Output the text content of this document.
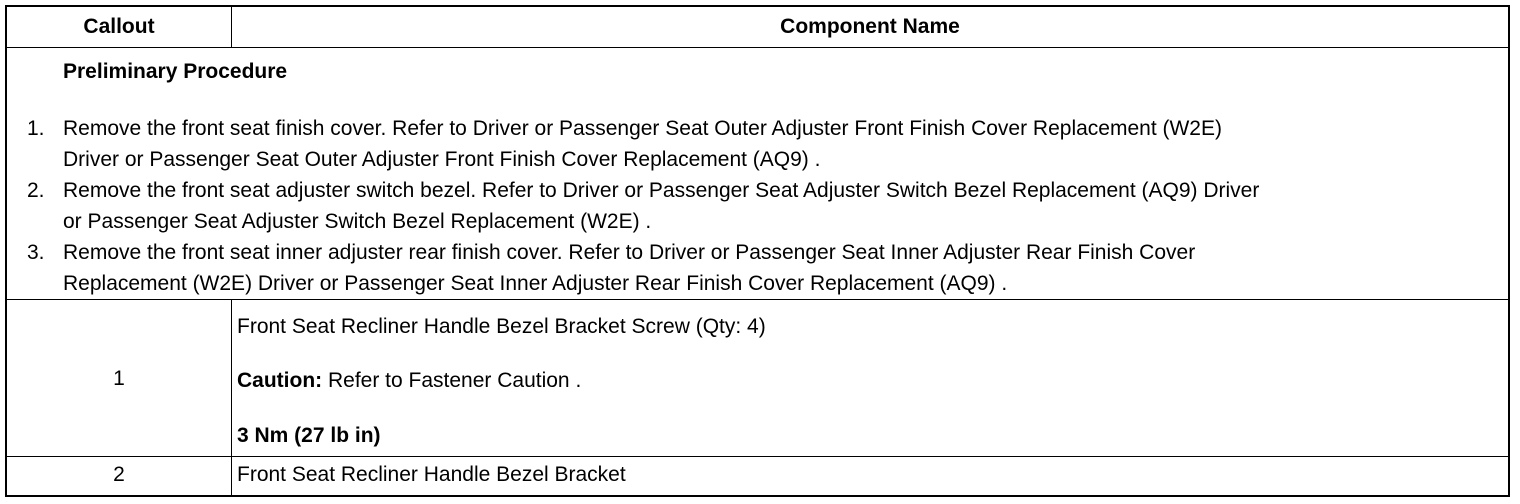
Callout	Component Name
Preliminary Procedure
1. Remove the front seat finish cover. Refer to Driver or Passenger Seat Outer Adjuster Front Finish Cover Replacement (W2E)
Driver or Passenger Seat Outer Adjuster Front Finish Cover Replacement (AQ9) .
2. Remove the front seat adjuster switch bezel. Refer to Driver or Passenger Seat Adjuster Switch Bezel Replacement (AQ9) Driver
or Passenger Seat Adjuster Switch Bezel Replacement (W2E) .
3. Remove the front seat inner adjuster rear finish cover. Refer to Driver or Passenger Seat Inner Adjuster Rear Finish Cover
Replacement (W2E) Driver or Passenger Seat Inner Adjuster Rear Finish Cover Replacement (AQ9) .
1
Front Seat Recliner Handle Bezel Bracket Screw (Qty: 4)
Caution: Refer to Fastener Caution .
3 Nm (27 lb in)
2	Front Seat Recliner Handle Bezel Bracket
